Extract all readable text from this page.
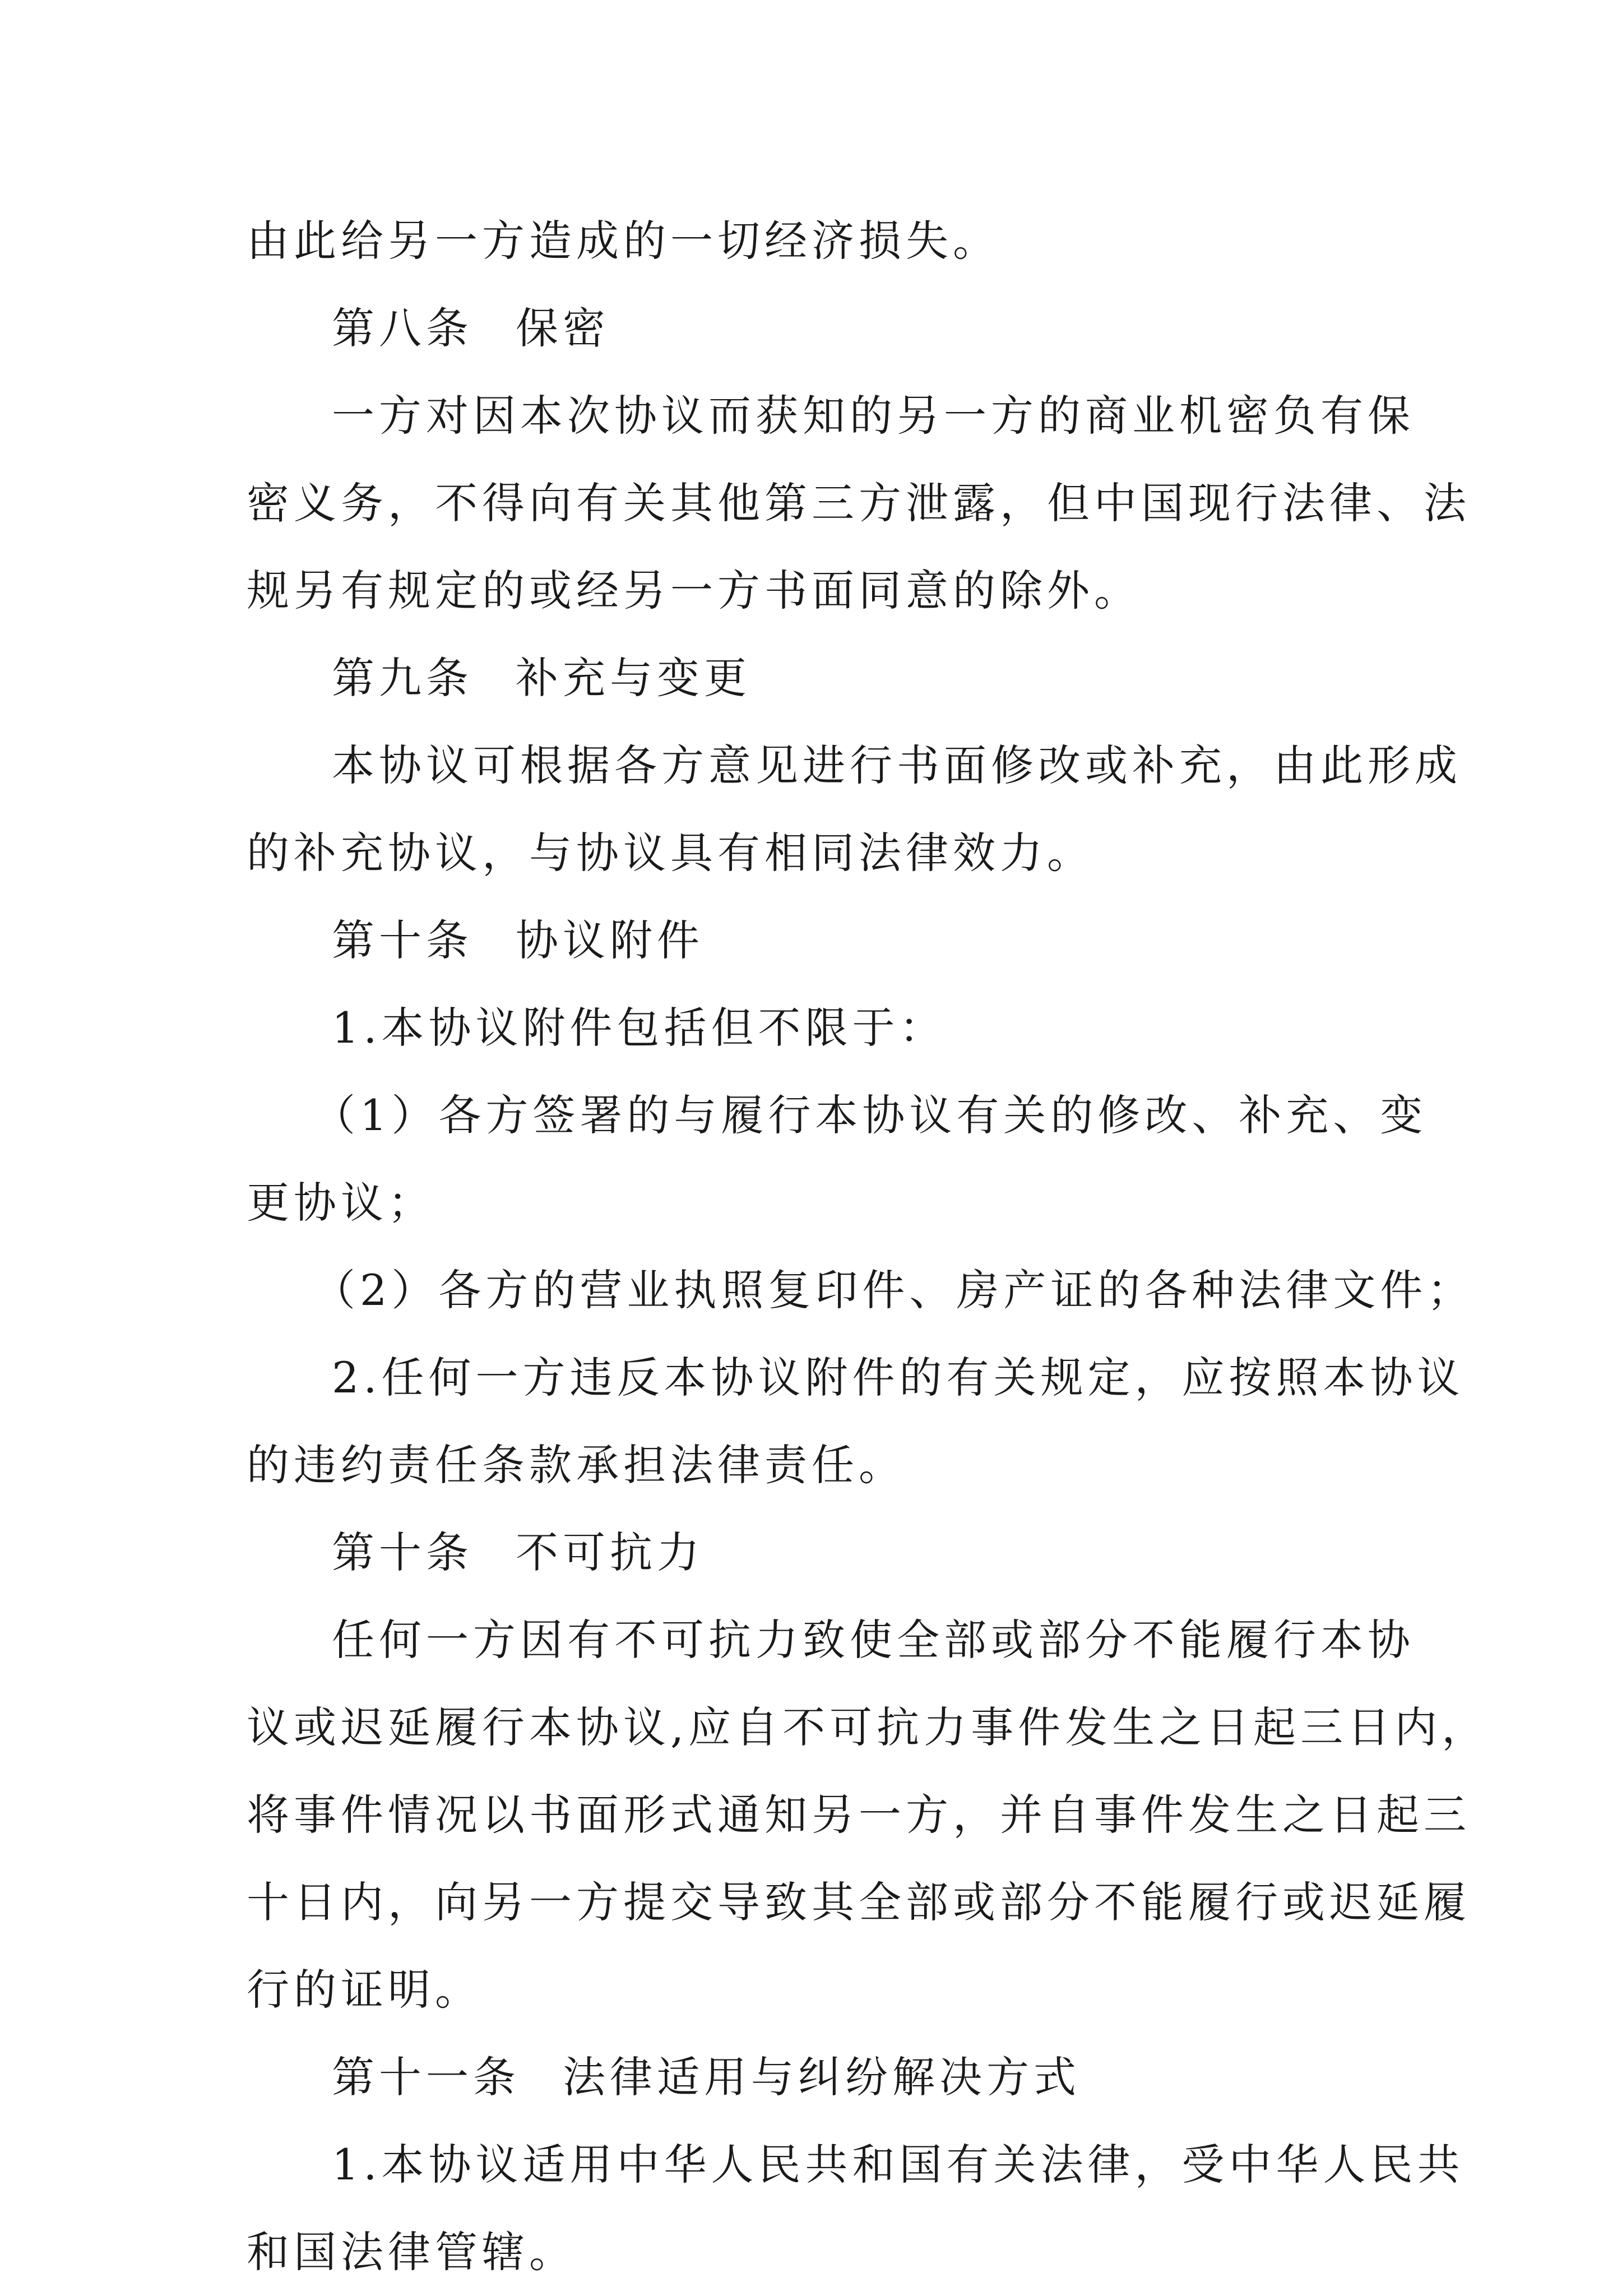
由此给另一方造成的一切经济损失。
第八条 保密
一方对因本次协议而获知的另一方的商业机密负有保
密义务，不得向有关其他第三方泄露，但中国现行法律、法
规另有规定的或经另一方书面同意的除外。
第九条 补充与变更
本协议可根据各方意见进行书面修改或补充，由此形成
的补充协议，与协议具有相同法律效力。
第十条 协议附件
1.本协议附件包括但不限于：
（1）各方签署的与履行本协议有关的修改、补充、变
更协议；
（2）各方的营业执照复印件、房产证的各种法律文件；
2.任何一方违反本协议附件的有关规定，应按照本协议
的违约责任条款承担法律责任。
第十条 不可抗力
任何一方因有不可抗力致使全部或部分不能履行本协
议或迟延履行本协议,应自不可抗力事件发生之日起三日内，
将事件情况以书面形式通知另一方，并自事件发生之日起三
十日内，向另一方提交导致其全部或部分不能履行或迟延履
行的证明。
第十一条 法律适用与纠纷解决方式
1.本协议适用中华人民共和国有关法律，受中华人民共
和国法律管辖。
